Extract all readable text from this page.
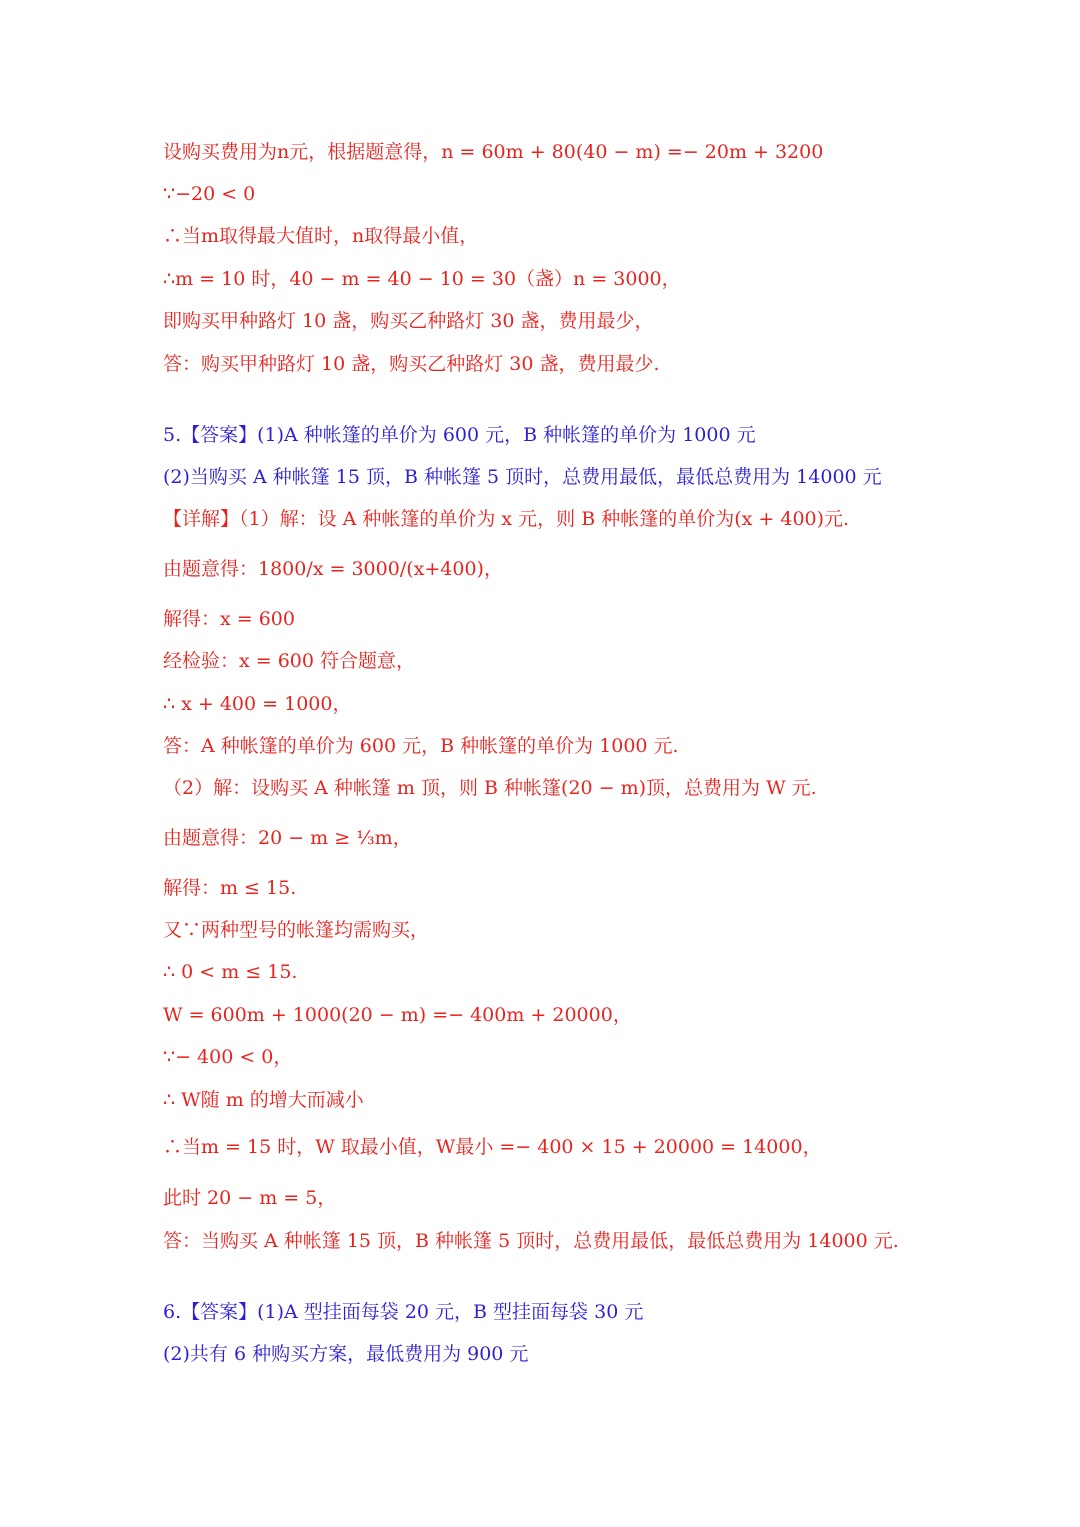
设购买费用为n元，根据题意得，n = 60m + 80(40 − m) =− 20m + 3200
∵−20 < 0
∴当m取得最大值时，n取得最小值，
∴m = 10 时，40 − m = 40 − 10 = 30（盏）n = 3000，
即购买甲种路灯 10 盏，购买乙种路灯 30 盏，费用最少，
答：购买甲种路灯 10 盏，购买乙种路灯 30 盏，费用最少.
5.【答案】(1)A 种帐篷的单价为 600 元，B 种帐篷的单价为 1000 元
(2)当购买 A 种帐篷 15 顶，B 种帐篷 5 顶时，总费用最低，最低总费用为 14000 元
【详解】（1）解：设 A 种帐篷的单价为 x 元，则 B 种帐篷的单价为(x + 400)元.
由题意得：1800/x = 3000/(x+400)，
解得：x = 600
经检验：x = 600 符合题意，
∴ x + 400 = 1000，
答：A 种帐篷的单价为 600 元，B 种帐篷的单价为 1000 元.
（2）解：设购买 A 种帐篷 m 顶，则 B 种帐篷(20 − m)顶，总费用为 W 元.
由题意得：20 − m ≥ ⅓m，
解得：m ≤ 15.
又∵两种型号的帐篷均需购买，
∴ 0 < m ≤ 15.
W = 600m + 1000(20 − m) =− 400m + 20000，
∵− 400 < 0，
∴ W随 m 的增大而减小
∴当m = 15 时，W 取最小值，W最小 =− 400 × 15 + 20000 = 14000，
此时 20 − m = 5，
答：当购买 A 种帐篷 15 顶，B 种帐篷 5 顶时，总费用最低，最低总费用为 14000 元.
6.【答案】(1)A 型挂面每袋 20 元，B 型挂面每袋 30 元
(2)共有 6 种购买方案，最低费用为 900 元
